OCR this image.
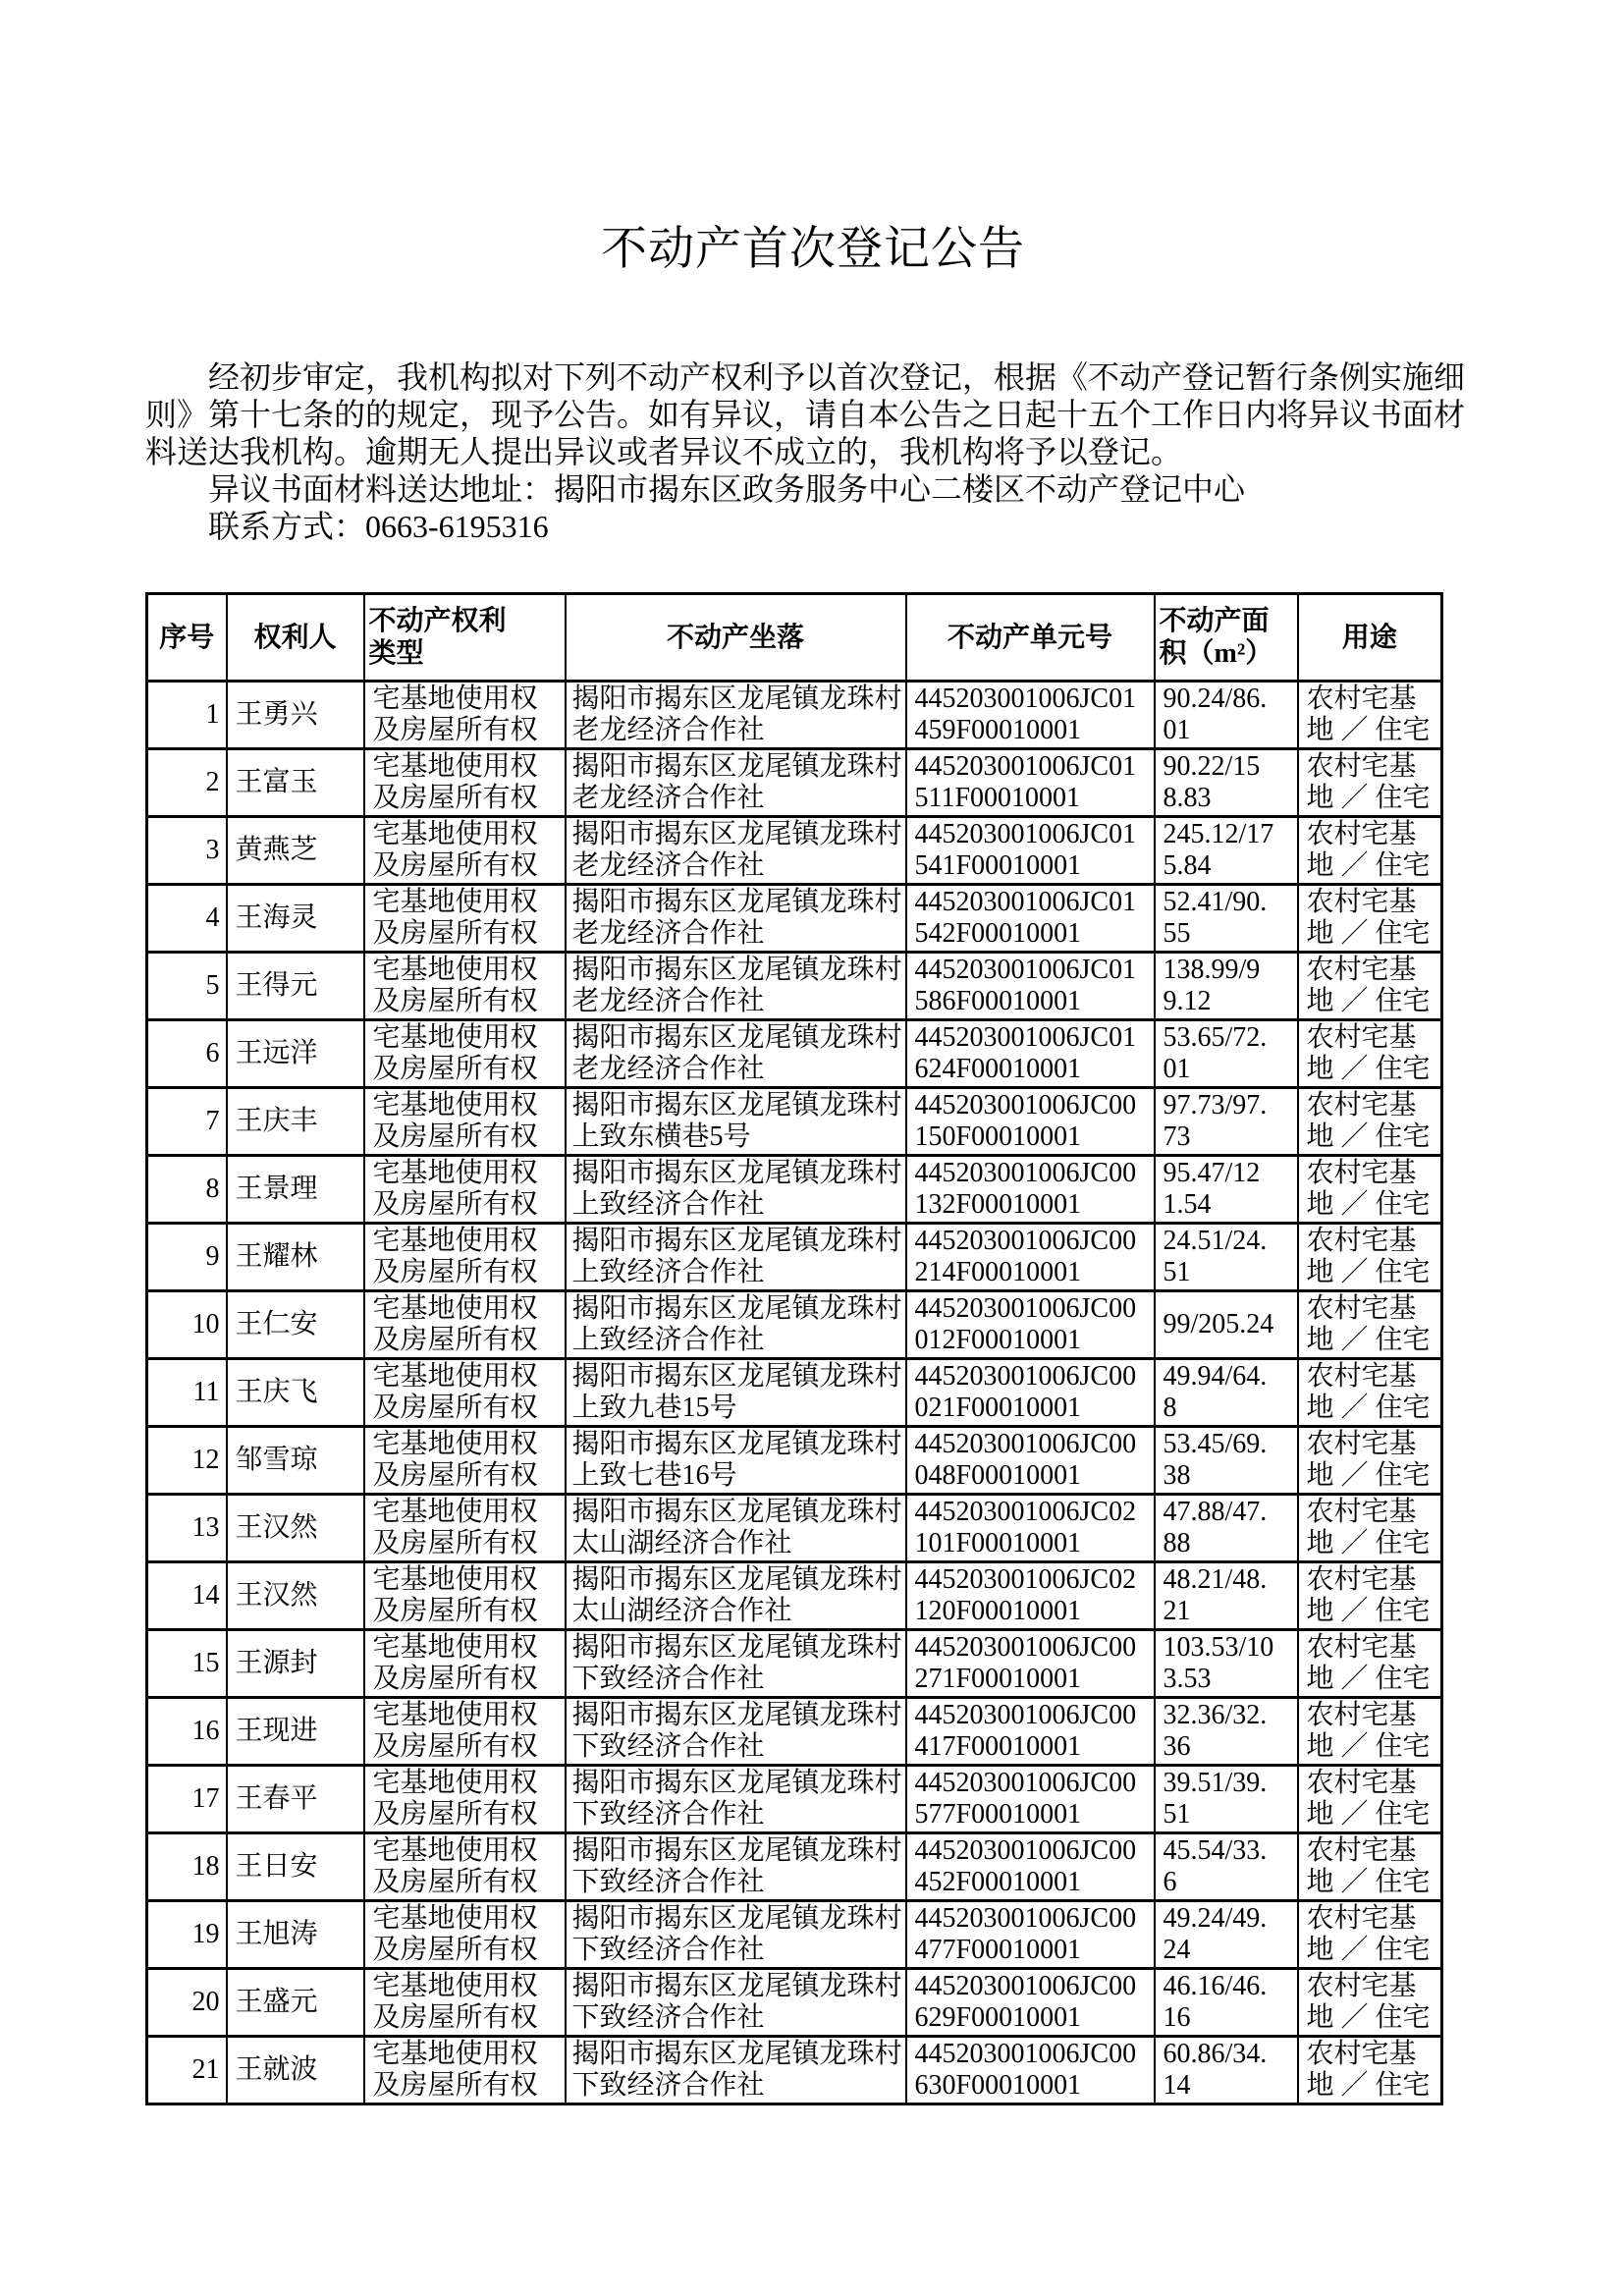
不动产首次登记公告

经初步审定，我机构拟对下列不动产权利予以首次登记，根据《不动产登记暂行条例实施细则》第十七条的的规定，现予公告。如有异议，请自本公告之日起十五个工作日内将异议书面材料送达我机构。逾期无人提出异议或者异议不成立的，我机构将予以登记。

异议书面材料送达地址：揭阳市揭东区政务服务中心二楼区不动产登记中心

联系方式：0663-6195316

序号	权利人	不动产权利类型	不动产坐落	不动产单元号	不动产面积（m²）	用途
1	王勇兴	宅基地使用权及房屋所有权	揭阳市揭东区龙尾镇龙珠村老龙经济合作社	445203001006JC01459F00010001	90.24/86.01	农村宅基地 ／ 住宅

2	王富玉	宅基地使用权及房屋所有权	揭阳市揭东区龙尾镇龙珠村老龙经济合作社	445203001006JC01511F00010001	90.22/158.83	农村宅基地 ／ 住宅

3	黄燕芝	宅基地使用权及房屋所有权	揭阳市揭东区龙尾镇龙珠村老龙经济合作社	445203001006JC01541F00010001	245.12/175.84	农村宅基地 ／ 住宅

4	王海灵	宅基地使用权及房屋所有权	揭阳市揭东区龙尾镇龙珠村老龙经济合作社	445203001006JC01542F00010001	52.41/90.55	农村宅基地 ／ 住宅

5	王得元	宅基地使用权及房屋所有权	揭阳市揭东区龙尾镇龙珠村老龙经济合作社	445203001006JC01586F00010001	138.99/99.12	农村宅基地 ／ 住宅

6	王远洋	宅基地使用权及房屋所有权	揭阳市揭东区龙尾镇龙珠村老龙经济合作社	445203001006JC01624F00010001	53.65/72.01	农村宅基地 ／ 住宅

7	王庆丰	宅基地使用权及房屋所有权	揭阳市揭东区龙尾镇龙珠村上致东横巷5号	445203001006JC00150F00010001	97.73/97.73	农村宅基地 ／ 住宅

8	王景理	宅基地使用权及房屋所有权	揭阳市揭东区龙尾镇龙珠村上致经济合作社	445203001006JC00132F00010001	95.47/121.54	农村宅基地 ／ 住宅

9	王耀林	宅基地使用权及房屋所有权	揭阳市揭东区龙尾镇龙珠村上致经济合作社	445203001006JC00214F00010001	24.51/24.51	农村宅基地 ／ 住宅

10	王仁安	宅基地使用权及房屋所有权	揭阳市揭东区龙尾镇龙珠村上致经济合作社	445203001006JC00012F00010001	99/205.24	农村宅基地 ／ 住宅

11	王庆飞	宅基地使用权及房屋所有权	揭阳市揭东区龙尾镇龙珠村上致九巷15号	445203001006JC00021F00010001	49.94/64.8	农村宅基地 ／ 住宅

12	邹雪琼	宅基地使用权及房屋所有权	揭阳市揭东区龙尾镇龙珠村上致七巷16号	445203001006JC00048F00010001	53.45/69.38	农村宅基地 ／ 住宅

13	王汉然	宅基地使用权及房屋所有权	揭阳市揭东区龙尾镇龙珠村太山湖经济合作社	445203001006JC02101F00010001	47.88/47.88	农村宅基地 ／ 住宅

14	王汉然	宅基地使用权及房屋所有权	揭阳市揭东区龙尾镇龙珠村太山湖经济合作社	445203001006JC02120F00010001	48.21/48.21	农村宅基地 ／ 住宅

15	王源封	宅基地使用权及房屋所有权	揭阳市揭东区龙尾镇龙珠村下致经济合作社	445203001006JC00271F00010001	103.53/103.53	农村宅基地 ／ 住宅

16	王现进	宅基地使用权及房屋所有权	揭阳市揭东区龙尾镇龙珠村下致经济合作社	445203001006JC00417F00010001	32.36/32.36	农村宅基地 ／ 住宅

17	王春平	宅基地使用权及房屋所有权	揭阳市揭东区龙尾镇龙珠村下致经济合作社	445203001006JC00577F00010001	39.51/39.51	农村宅基地 ／ 住宅

18	王日安	宅基地使用权及房屋所有权	揭阳市揭东区龙尾镇龙珠村下致经济合作社	445203001006JC00452F00010001	45.54/33.6	农村宅基地 ／ 住宅

19	王旭涛	宅基地使用权及房屋所有权	揭阳市揭东区龙尾镇龙珠村下致经济合作社	445203001006JC00477F00010001	49.24/49.24	农村宅基地 ／ 住宅

20	王盛元	宅基地使用权及房屋所有权	揭阳市揭东区龙尾镇龙珠村下致经济合作社	445203001006JC00629F00010001	46.16/46.16	农村宅基地 ／ 住宅

21	王就波	宅基地使用权及房屋所有权	揭阳市揭东区龙尾镇龙珠村下致经济合作社	445203001006JC00630F00010001	60.86/34.14	农村宅基地 ／ 住宅
